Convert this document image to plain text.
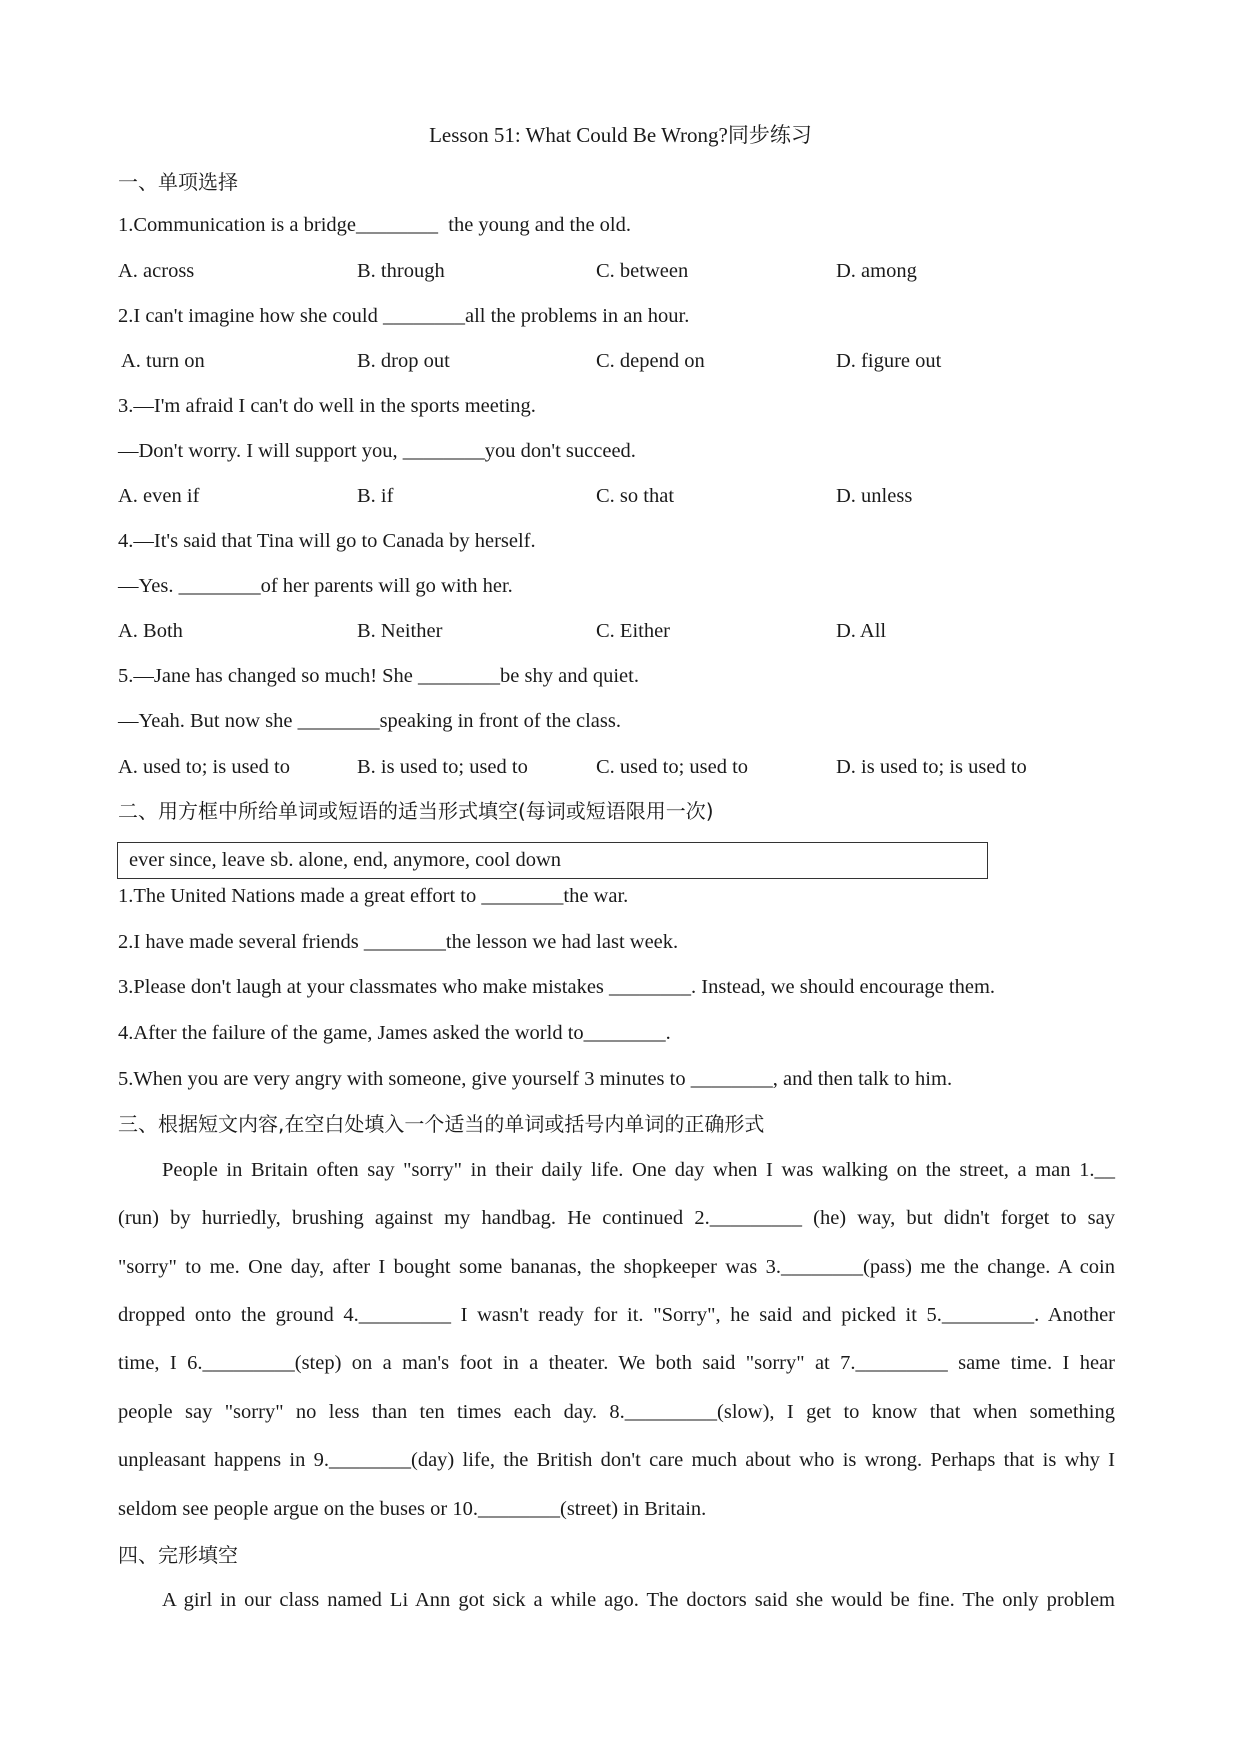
Lesson 51: What Could Be Wrong?同步练习
一、单项选择
1.Communication is a bridge________  the young and the old.
A. across	B. through	C. between	D. among
2.I can't imagine how she could ________all the problems in an hour.
A. turn on	B. drop out	C. depend on	D. figure out
3.—I'm afraid I can't do well in the sports meeting.
—Don't worry. I will support you, ________you don't succeed.
A. even if	B. if	C. so that	D. unless
4.—It's said that Tina will go to Canada by herself.
—Yes. ________of her parents will go with her.
A. Both	B. Neither	C. Either	D. All
5.—Jane has changed so much! She ________be shy and quiet.
—Yeah. But now she ________speaking in front of the class.
A. used to; is used to	B. is used to; used to	C. used to; used to	D. is used to; is used to
二、用方框中所给单词或短语的适当形式填空(每词或短语限用一次)
ever since, leave sb. alone, end, anymore, cool down
1.The United Nations made a great effort to ________the war.
2.I have made several friends ________the lesson we had last week.
3.Please don't laugh at your classmates who make mistakes ________. Instead, we should encourage them.
4.After the failure of the game, James asked the world to________.
5.When you are very angry with someone, give yourself 3 minutes to ________, and then talk to him.
三、根据短文内容,在空白处填入一个适当的单词或括号内单词的正确形式
People in Britain often say "sorry" in their daily life. One day when I was walking on the street, a man 1.__
(run) by hurriedly, brushing against my handbag. He continued 2._________ (he) way, but didn't forget to say
"sorry" to me. One day, after I bought some bananas, the shopkeeper was 3.________(pass) me the change. A coin
dropped onto the ground 4._________ I wasn't ready for it. "Sorry", he said and picked it 5._________. Another
time, I 6._________(step) on a man's foot in a theater. We both said "sorry" at 7._________ same time. I hear
people say "sorry" no less than ten times each day. 8._________(slow), I get to know that when something
unpleasant happens in 9.________(day) life, the British don't care much about who is wrong. Perhaps that is why I
seldom see people argue on the buses or 10.________(street) in Britain.
四、完形填空
A girl in our class named Li Ann got sick a while ago. The doctors said she would be fine. The only problem
